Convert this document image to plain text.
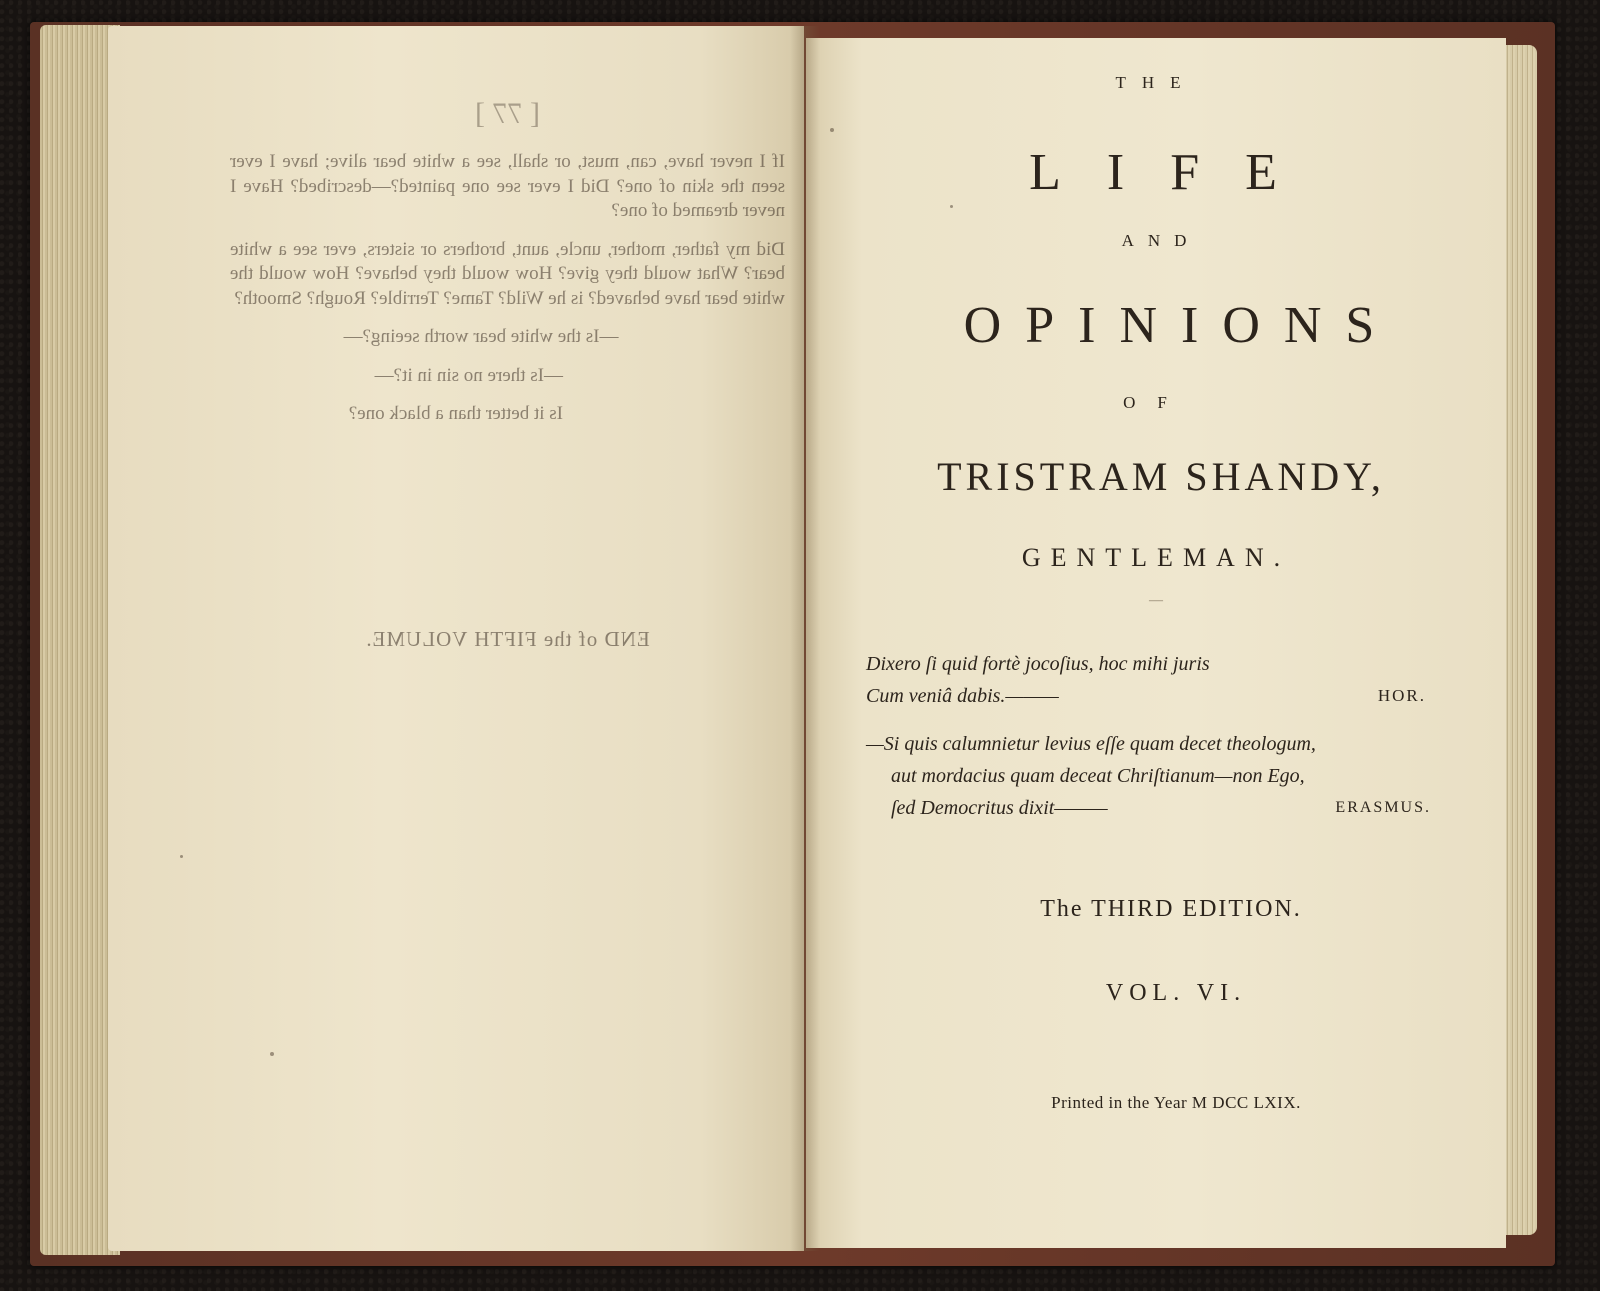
[ 77 ]

If I never have, can, must, or shall, see a white bear alive; have I ever seen the skin of one? Did I ever see one painted?—described? Have I never dreamed of one?

Did my father, mother, uncle, aunt, brothers or sisters, ever see a white bear? What would they give? How would they behave? How would the white bear have behaved? is he Wild? Tame? Terrible? Rough? Smooth?

—Is the white bear worth seeing?—

—Is there no sin in it?—

Is it better than a black one?

END of the FIFTH VOLUME.
THE
LIFE
AND
OPINIONS
OF
TRISTRAM SHANDY,
GENTLEMAN.
—
Dixero ſi quid fortè jocoſius, hoc mihi juris
Cum veniâ dabis.———	HOR.
—Si quis calumnietur levius eſſe quam decet theologum,
aut mordacius quam deceat Chriſtianum—non Ego,
ſed Democritus dixit———	ERASMUS.
The THIRD EDITION.
VOL. VI.
Printed in the Year M DCC LXIX.
